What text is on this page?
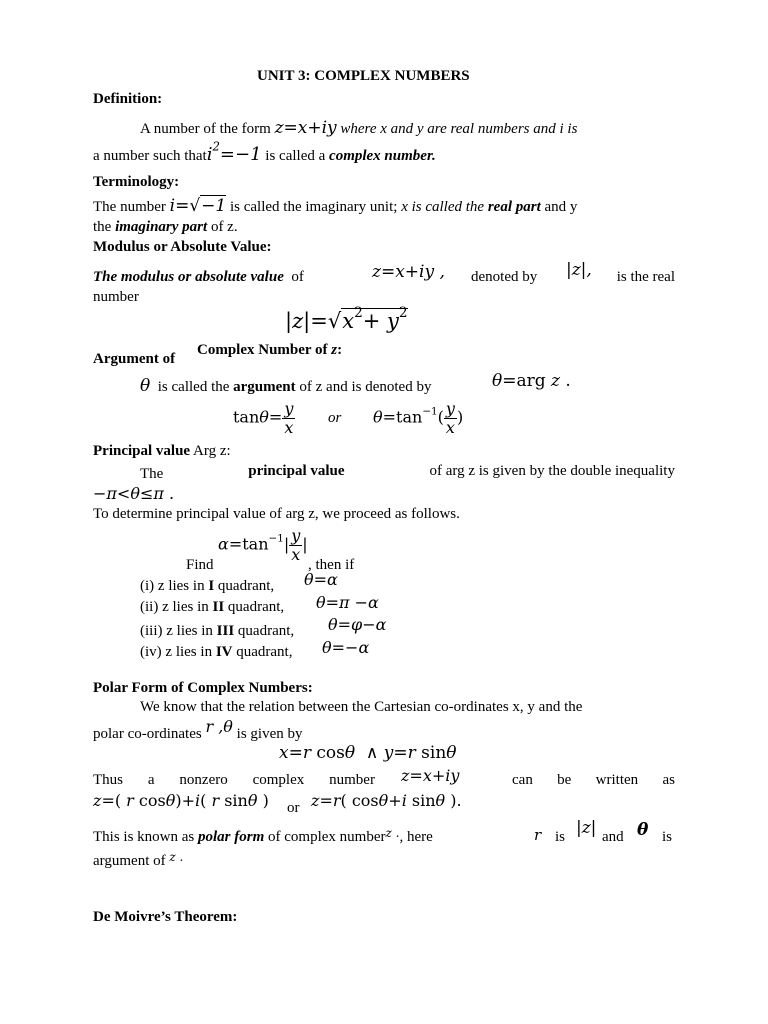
UNIT 3: COMPLEX NUMBERS
Definition:
A number of the form z=x+iy where x and y are real numbers and i is
a number such thati$^2$=−1 is called a complex number.
Terminology:
The number i=√−1 is called the imaginary unit; x is called the real part and y
the imaginary part of z.
Modulus or Absolute Value:
The modulus or absolute value of	z=x+iy , denoted by |z|,	is the real
number
$|z|=√x^2+ y^2$
Argument of
Complex Number of z:
θ is called the argument of z and is denoted by	θ=arg z .
$\tan\theta= \frac{y}{x}$ or $\theta=\tan^{-1}( \frac{y}{x}$ )
Principal value Arg z:
The	principal value	of arg z is given by the double inequality
−π<θ≤π .
To determine principal value of arg z, we proceed as follows.
$\alpha=\tan^{-1}| \frac{y}{x}$ |
Find	, then if
(i) z lies in I quadrant, θ=α
(ii) z lies in II quadrant, θ=π −α
(iii) z lies in III quadrant, θ=φ−α
(iv) z lies in IV quadrant, θ=−α
Polar Form of Complex Numbers:
We know that the relation between the Cartesian co-ordinates x, y and the
polar co-ordinates r ,θ is given by
x=r cosθ  ∧ y=r sinθ
Thus a nonzero complex number z=x+iy	can be written as
z=( r cosθ)+i( r sinθ ) or z=r( cosθ+i sinθ ).
This is known as polar form of complex number$^{z .}$, here	r is |z| and θ is
argument of $^{z .}$
De Moivre’s Theorem:
